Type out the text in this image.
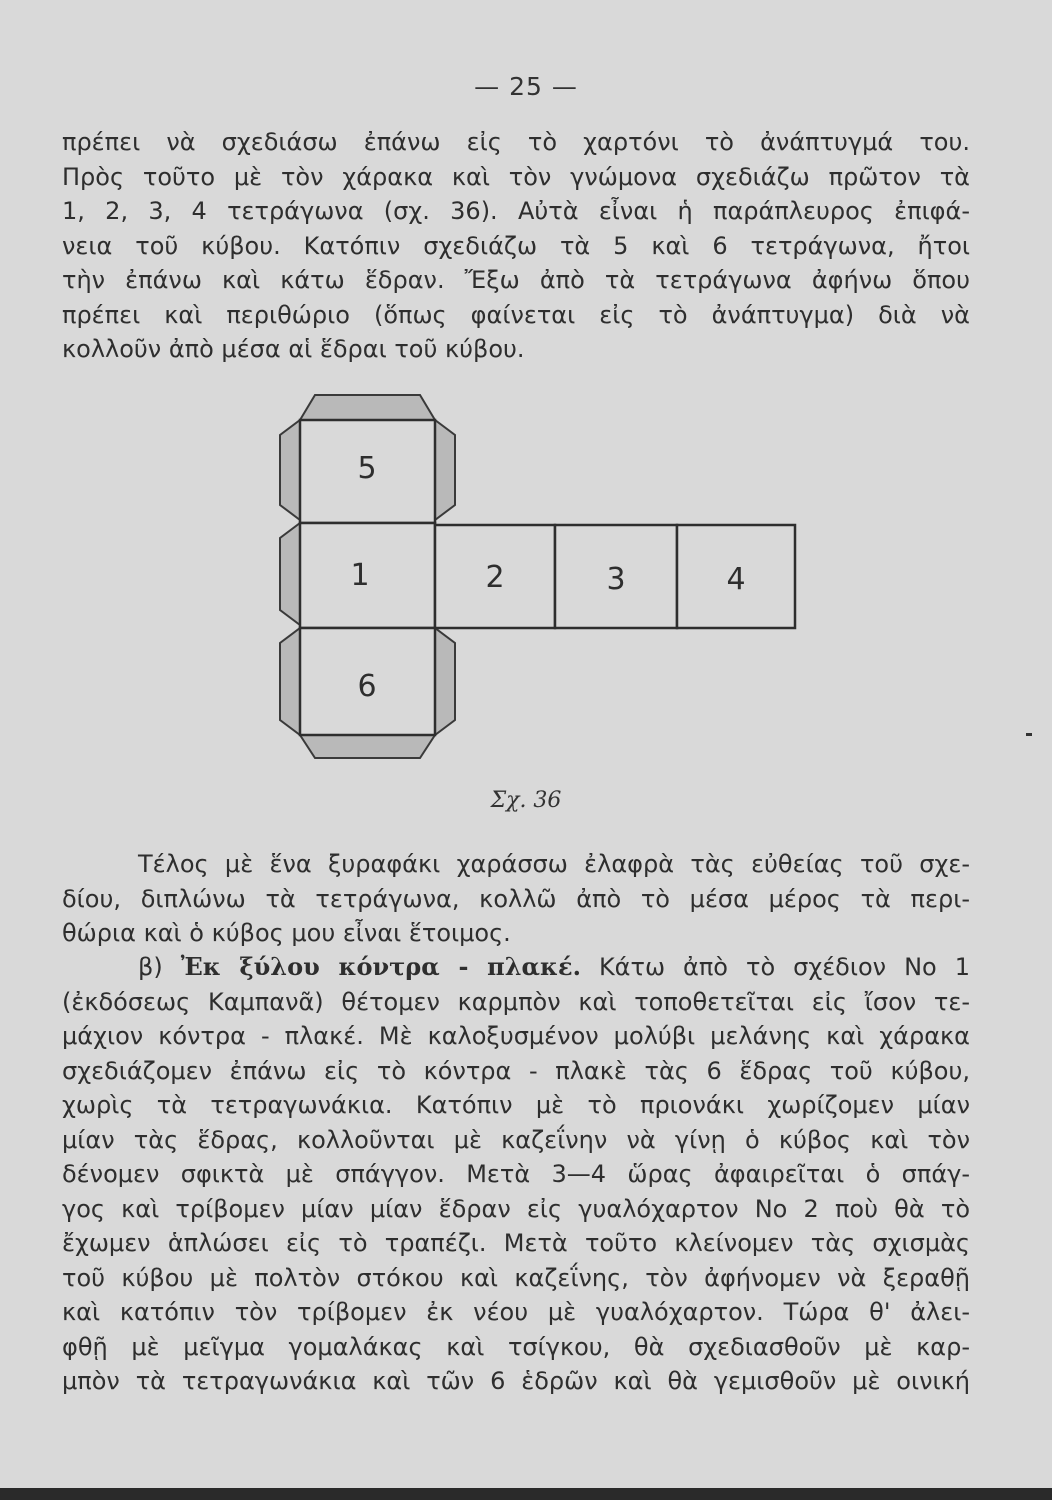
— 25 —
πρέπει νὰ σχεδιάσω ἐπάνω εἰς τὸ χαρτόνι τὸ ἀνάπτυγμά του.
Πρὸς τοῦτο μὲ τὸν χάρακα καὶ τὸν γνώμονα σχεδιάζω πρῶτον τὰ
1, 2, 3, 4 τετράγωνα (σχ. 36). Αὐτὰ εἶναι ἡ παράπλευρος ἐπιφά-
νεια τοῦ κύβου. Κατόπιν σχεδιάζω τὰ 5 καὶ 6 τετράγωνα, ἤτοι
τὴν ἐπάνω καὶ κάτω ἕδραν. Ἔξω ἀπὸ τὰ τετράγωνα ἀφήνω ὅπου
πρέπει καὶ περιθώριο (ὅπως φαίνεται εἰς τὸ ἀνάπτυγμα) διὰ νὰ
κολλοῦν ἀπὸ μέσα αἱ ἕδραι τοῦ κύβου.
5
1	2	3	4
6
Σχ. 36
Τέλος μὲ ἕνα ξυραφάκι χαράσσω ἐλαφρὰ τὰς εὐθείας τοῦ σχε-
δίου, διπλώνω τὰ τετράγωνα, κολλῶ ἀπὸ τὸ μέσα μέρος τὰ περι-
θώρια καὶ ὁ κύβος μου εἶναι ἕτοιμος.
β) Ἐκ ξύλου κόντρα - πλακέ. Κάτω ἀπὸ τὸ σχέδιον Νο 1
(ἐκδόσεως Καμπανᾶ) θέτομεν καρμπὸν καὶ τοποθετεῖται εἰς ἴσον τε-
μάχιον κόντρα - πλακέ. Μὲ καλοξυσμένον μολύβι μελάνης καὶ χάρακα
σχεδιάζομεν ἐπάνω εἰς τὸ κόντρα - πλακὲ τὰς 6 ἕδρας τοῦ κύβου,
χωρὶς τὰ τετραγωνάκια. Κατόπιν μὲ τὸ πριονάκι χωρίζομεν μίαν
μίαν τὰς ἕδρας, κολλοῦνται μὲ καζεΐνην νὰ γίνῃ ὁ κύβος καὶ τὸν
δένομεν σφικτὰ μὲ σπάγγον. Μετὰ 3—4 ὥρας ἀφαιρεῖται ὁ σπάγ-
γος καὶ τρίβομεν μίαν μίαν ἕδραν εἰς γυαλόχαρτον Νο 2 ποὺ θὰ τὸ
ἔχωμεν ἁπλώσει εἰς τὸ τραπέζι. Μετὰ τοῦτο κλείνομεν τὰς σχισμὰς
τοῦ κύβου μὲ πολτὸν στόκου καὶ καζεΐνης, τὸν ἀφήνομεν νὰ ξεραθῇ
καὶ κατόπιν τὸν τρίβομεν ἐκ νέου μὲ γυαλόχαρτον. Τώρα θ' ἀλει-
φθῇ μὲ μεῖγμα γομαλάκας καὶ τσίγκου, θὰ σχεδιασθοῦν μὲ καρ-
μπὸν τὰ τετραγωνάκια καὶ τῶν 6 ἑδρῶν καὶ θὰ γεμισθοῦν μὲ οινική
